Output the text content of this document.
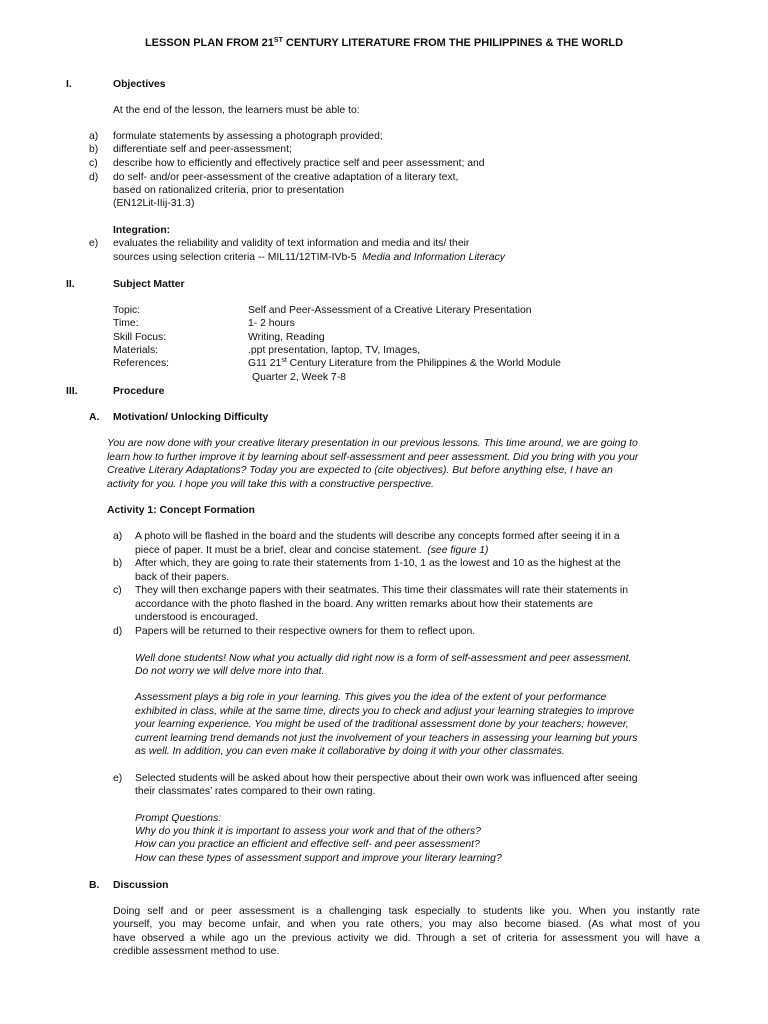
LESSON PLAN FROM 21ST CENTURY LITERATURE FROM THE PHILIPPINES & THE WORLD
I.	Objectives
At the end of the lesson, the learners must be able to:
a) formulate statements by assessing a photograph provided;
b) differentiate self and peer-assessment;
c) describe how to efficiently and effectively practice self and peer assessment; and
d) do self- and/or peer-assessment of the creative adaptation of a literary text,
based on rationalized criteria, prior to presentation
(EN12Lit-IIij-31.3)
Integration:
e) evaluates the reliability and validity of text information and media and its/ their
sources using selection criteria -- MIL11/12TIM-IVb-5 Media and Information Literacy
II.	Subject Matter
Topic:	Self and Peer-Assessment of a Creative Literary Presentation
Time:	1- 2 hours
Skill Focus:	Writing, Reading
Materials:	.ppt presentation, laptop, TV, Images,
References:	G11 21st Century Literature from the Philippines & the World Module
Quarter 2, Week 7-8
III.	Procedure
A. Motivation/ Unlocking Difficulty
You are now done with your creative literary presentation in our previous lessons. This time around, we are going to
learn how to further improve it by learning about self-assessment and peer assessment. Did you bring with you your
Creative Literary Adaptations? Today you are expected to (cite objectives). But before anything else, I have an
activity for you. I hope you will take this with a constructive perspective.
Activity 1: Concept Formation
a) A photo will be flashed in the board and the students will describe any concepts formed after seeing it in a
piece of paper. It must be a brief, clear and concise statement. (see figure 1)
b) After which, they are going to rate their statements from 1-10, 1 as the lowest and 10 as the highest at the
back of their papers.
c) They will then exchange papers with their seatmates. This time their classmates will rate their statements in
accordance with the photo flashed in the board. Any written remarks about how their statements are
understood is encouraged.
d) Papers will be returned to their respective owners for them to reflect upon.
Well done students! Now what you actually did right now is a form of self-assessment and peer assessment.
Do not worry we will delve more into that.
Assessment plays a big role in your learning. This gives you the idea of the extent of your performance
exhibited in class, while at the same time, directs you to check and adjust your learning strategies to improve
your learning experience. You might be used of the traditional assessment done by your teachers; however,
current learning trend demands not just the involvement of your teachers in assessing your learning but yours
as well. In addition, you can even make it collaborative by doing it with your other classmates.
e) Selected students will be asked about how their perspective about their own work was influenced after seeing
their classmates’ rates compared to their own rating.
Prompt Questions:
Why do you think it is important to assess your work and that of the others?
How can you practice an efficient and effective self- and peer assessment?
How can these types of assessment support and improve your literary learning?
B. Discussion
Doing self and or peer assessment is a challenging task especially to students like you. When you instantly rate
yourself, you may become unfair, and when you rate others, you may also become biased. (As what most of you
have observed a while ago un the previous activity we did. Through a set of criteria for assessment you will have a
credible assessment method to use.
